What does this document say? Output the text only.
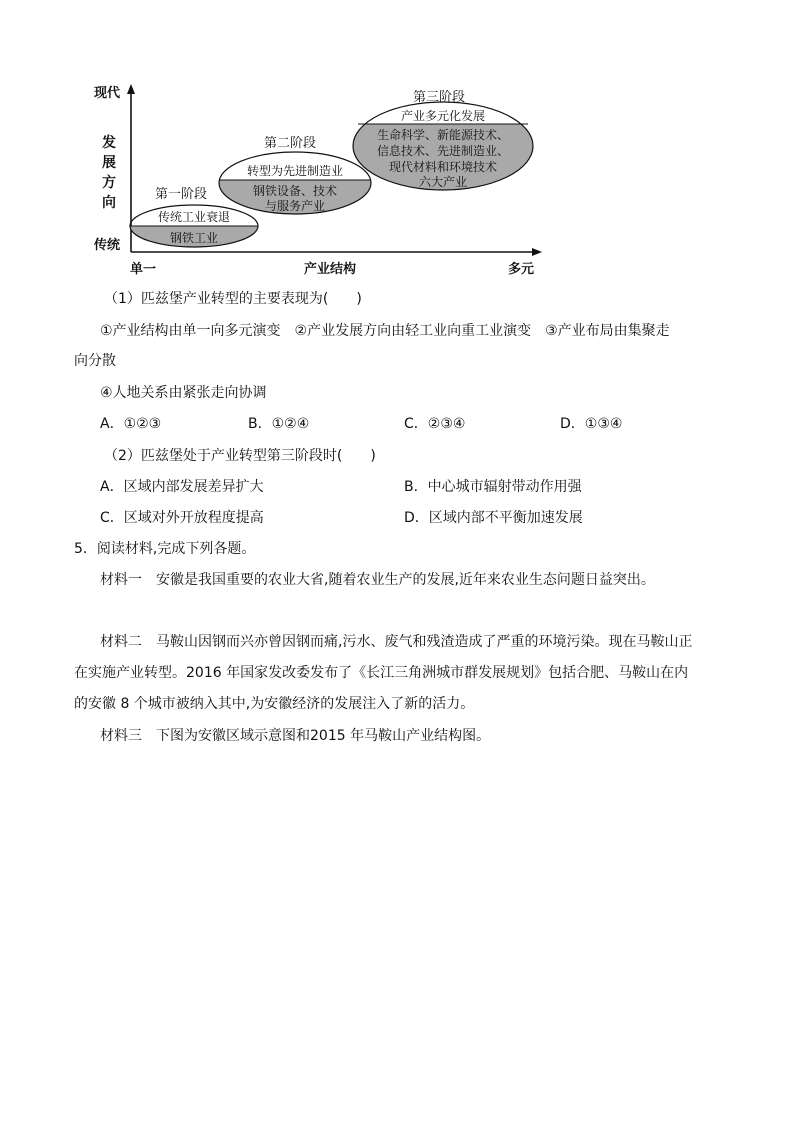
现代
发
展
方
向
传统
单一	产业结构	多元
第一阶段
传统工业衰退
钢铁工业
第二阶段
转型为先进制造业
钢铁设备、技术
与服务产业
第三阶段
产业多元化发展
生命科学、新能源技术、
信息技术、先进制造业、
现代材料和环境技术
六大产业
（1）匹兹堡产业转型的主要表现为(　　)
①产业结构由单一向多元演变　②产业发展方向由轻工业向重工业演变　③产业布局由集聚走
向分散
④人地关系由紧张走向协调
A．①②③	B．①②④	C．②③④	D．①③④
（2）匹兹堡处于产业转型第三阶段时(　　)
A．区域内部发展差异扩大	B．中心城市辐射带动作用强
C．区域对外开放程度提高	D．区域内部不平衡加速发展
5．阅读材料,完成下列各题。
材料一　安徽是我国重要的农业大省,随着农业生产的发展,近年来农业生态问题日益突出。
材料二　马鞍山因钢而兴亦曾因钢而痛,污水、废气和残渣造成了严重的环境污染。现在马鞍山正
在实施产业转型。2016 年国家发改委发布了《长江三角洲城市群发展规划》包括合肥、马鞍山在内
的安徽 8 个城市被纳入其中,为安徽经济的发展注入了新的活力。
材料三　下图为安徽区域示意图和2015 年马鞍山产业结构图。
